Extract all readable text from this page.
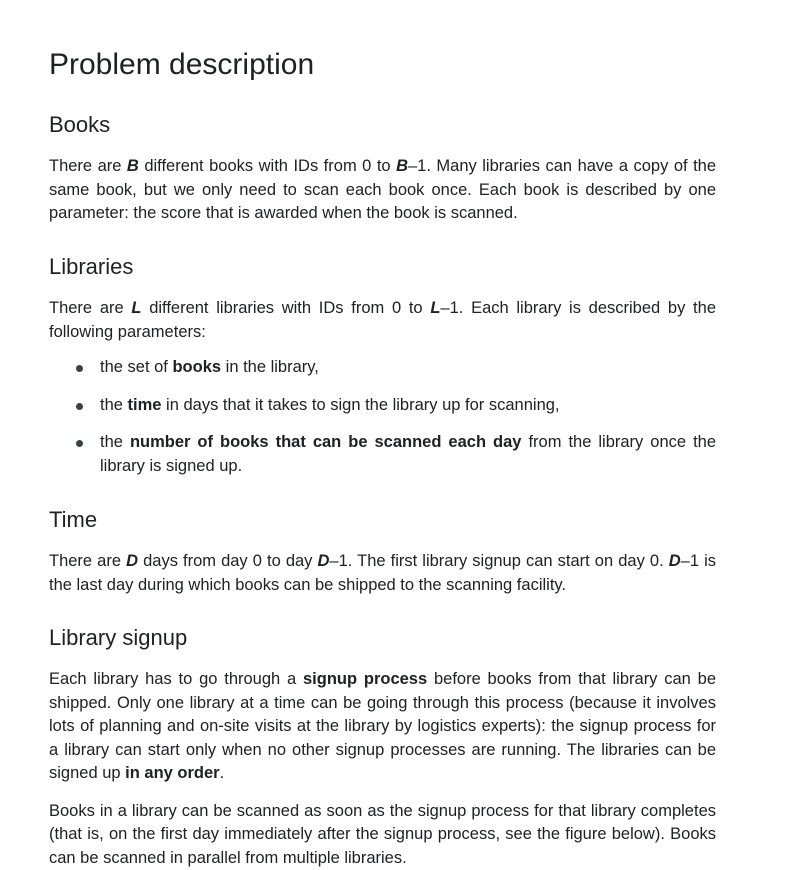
Problem description
Books

There are B different books with IDs from 0 to B–1. Many libraries can have a copy of the same book, but we only need to scan each book once. Each book is described by one parameter: the score that is awarded when the book is scanned.

Libraries

There are L different libraries with IDs from 0 to L–1. Each library is described by the following parameters:

the set of books in the library,
the time in days that it takes to sign the library up for scanning,
the number of books that can be scanned each day from the library once the library is signed up.
Time

There are D days from day 0 to day D–1. The first library signup can start on day 0. D–1 is the last day during which books can be shipped to the scanning facility.

Library signup

Each library has to go through a signup process before books from that library can be shipped. Only one library at a time can be going through this process (because it involves lots of planning and on-site visits at the library by logistics experts): the signup process for a library can start only when no other signup processes are running. The libraries can be signed up in any order.

Books in a library can be scanned as soon as the signup process for that library completes (that is, on the first day immediately after the signup process, see the figure below). Books can be scanned in parallel from multiple libraries.
